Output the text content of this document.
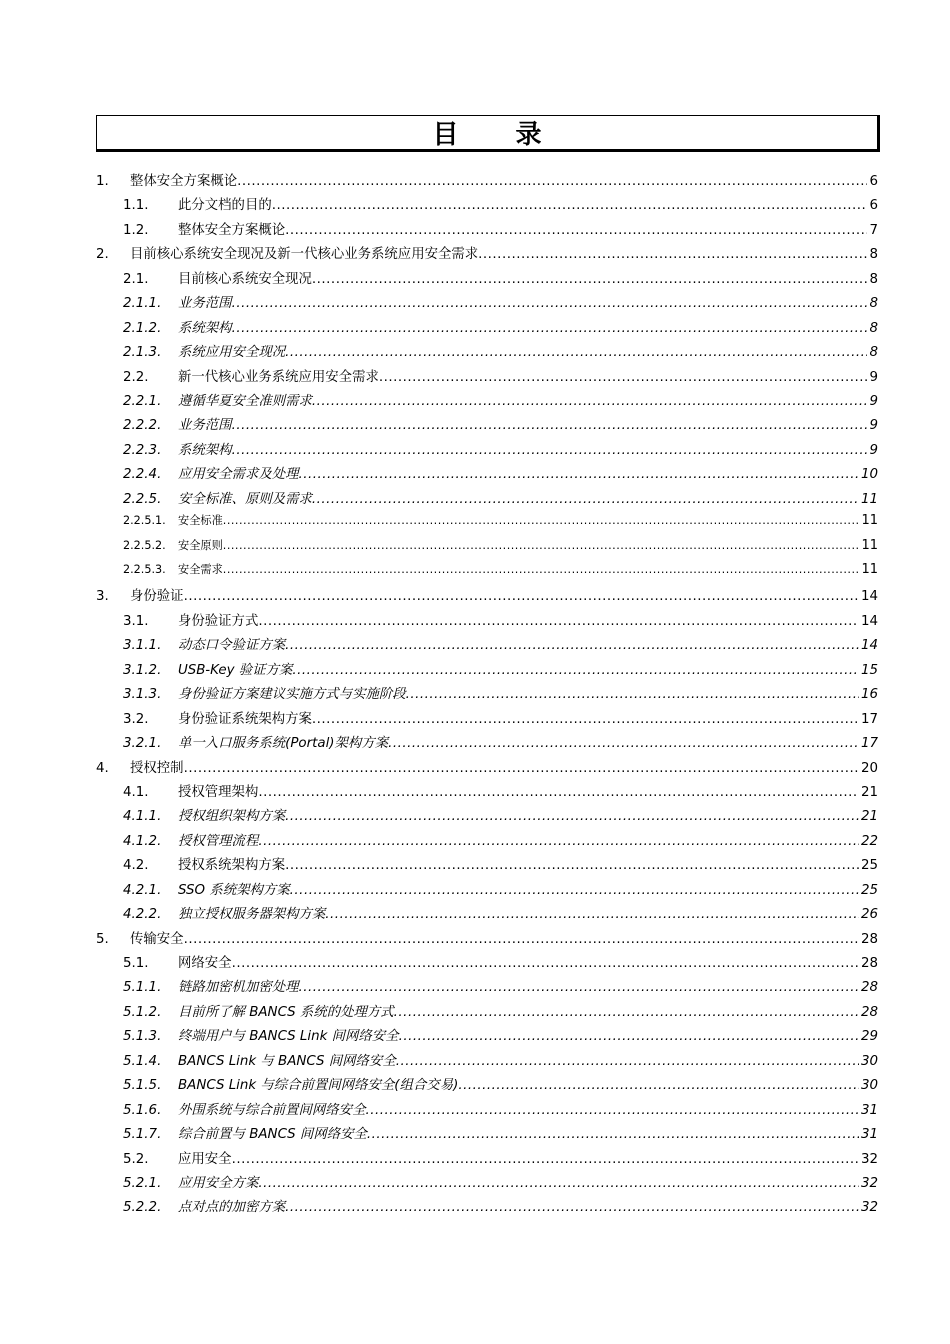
目 录
1.	整体安全方案概论 .....	6
1.1.	此分文档的目的 .....	6
1.2.	整体安全方案概论 .....	7
2.	目前核心系统安全现况及新一代核心业务系统应用安全需求 .....	8
2.1.	目前核心系统安全现况 .....	8
2.1.1.	业务范围 .....	8
2.1.2.	系统架构 .....	8
2.1.3.	系统应用安全现况 .....	8
2.2.	新一代核心业务系统应用安全需求 .....	9
2.2.1.	遵循华夏安全准则需求 .....	9
2.2.2.	业务范围 .....	9
2.2.3.	系统架构 .....	9
2.2.4.	应用安全需求及处理 .....	10
2.2.5.	安全标准、原则及需求 .....	11
2.2.5.1.	安全标准 .....	11
2.2.5.2.	安全原则 .....	11
2.2.5.3.	安全需求 .....	11
3.	身份验证 .....	14
3.1.	身份验证方式 .....	14
3.1.1.	动态口令验证方案 .....	14
3.1.2.	USB-Key 验证方案 .....	15
3.1.3.	身份验证方案建议实施方式与实施阶段 .....	16
3.2.	身份验证系统架构方案 .....	17
3.2.1.	单一入口服务系统(Portal)架构方案 .....	17
4.	授权控制 .....	20
4.1.	授权管理架构 .....	21
4.1.1.	授权组织架构方案 .....	21
4.1.2.	授权管理流程 .....	22
4.2.	授权系统架构方案 .....	25
4.2.1.	SSO 系统架构方案 .....	25
4.2.2.	独立授权服务器架构方案 .....	26
5.	传输安全 .....	28
5.1.	网络安全 .....	28
5.1.1.	链路加密机加密处理 .....	28
5.1.2.	目前所了解 BANCS 系统的处理方式 .....	28
5.1.3.	终端用户与 BANCS Link 间网络安全 .....	29
5.1.4.	BANCS Link 与 BANCS 间网络安全 .....	30
5.1.5.	BANCS Link 与综合前置间网络安全(组合交易) .....	30
5.1.6.	外围系统与综合前置间网络安全 .....	31
5.1.7.	综合前置与 BANCS 间网络安全 .....	31
5.2.	应用安全 .....	32
5.2.1.	应用安全方案 .....	32
5.2.2.	点对点的加密方案 .....	32
